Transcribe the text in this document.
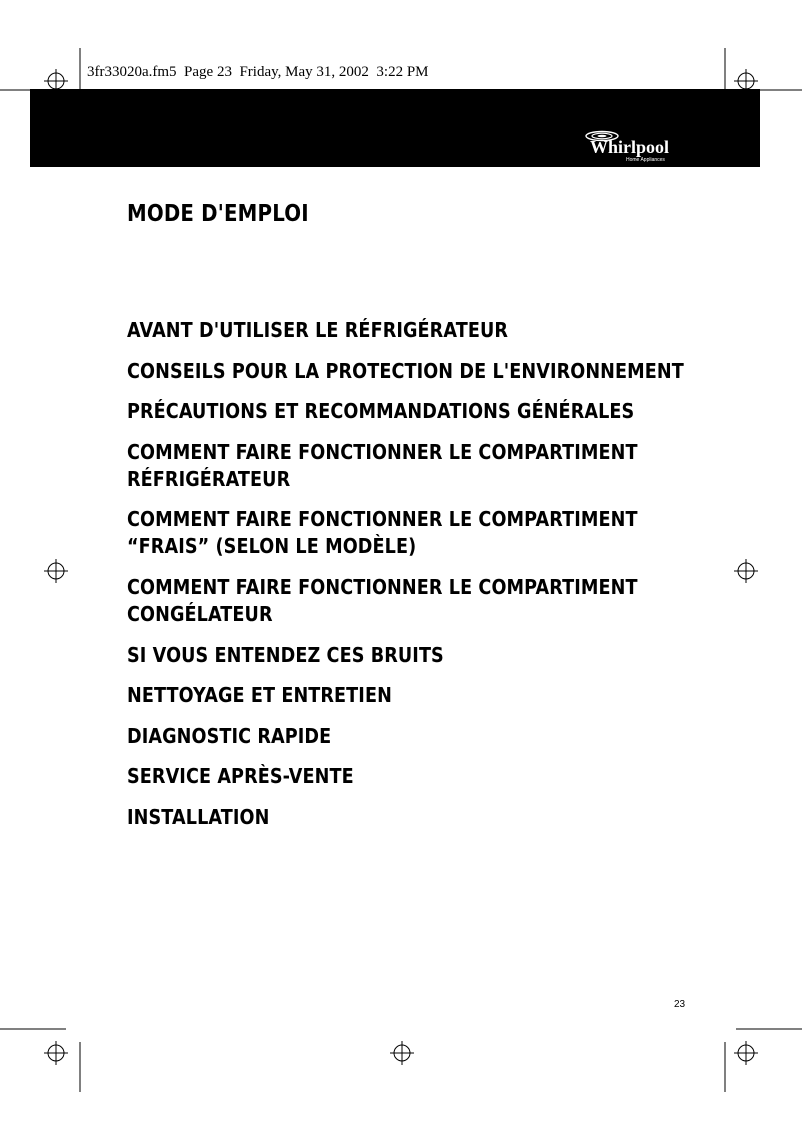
3fr33020a.fm5  Page 23  Friday, May 31, 2002  3:22 PM
Whirlpool
Home Appliances
MODE D'EMPLOI
AVANT D'UTILISER LE RÉFRIGÉRATEUR
CONSEILS POUR LA PROTECTION DE L'ENVIRONNEMENT
PRÉCAUTIONS ET RECOMMANDATIONS GÉNÉRALES
COMMENT FAIRE FONCTIONNER LE COMPARTIMENT
RÉFRIGÉRATEUR
COMMENT FAIRE FONCTIONNER LE COMPARTIMENT
“FRAIS” (SELON LE MODÈLE)
COMMENT FAIRE FONCTIONNER LE COMPARTIMENT
CONGÉLATEUR
SI VOUS ENTENDEZ CES BRUITS
NETTOYAGE ET ENTRETIEN
DIAGNOSTIC RAPIDE
SERVICE APRÈS-VENTE
INSTALLATION
23
